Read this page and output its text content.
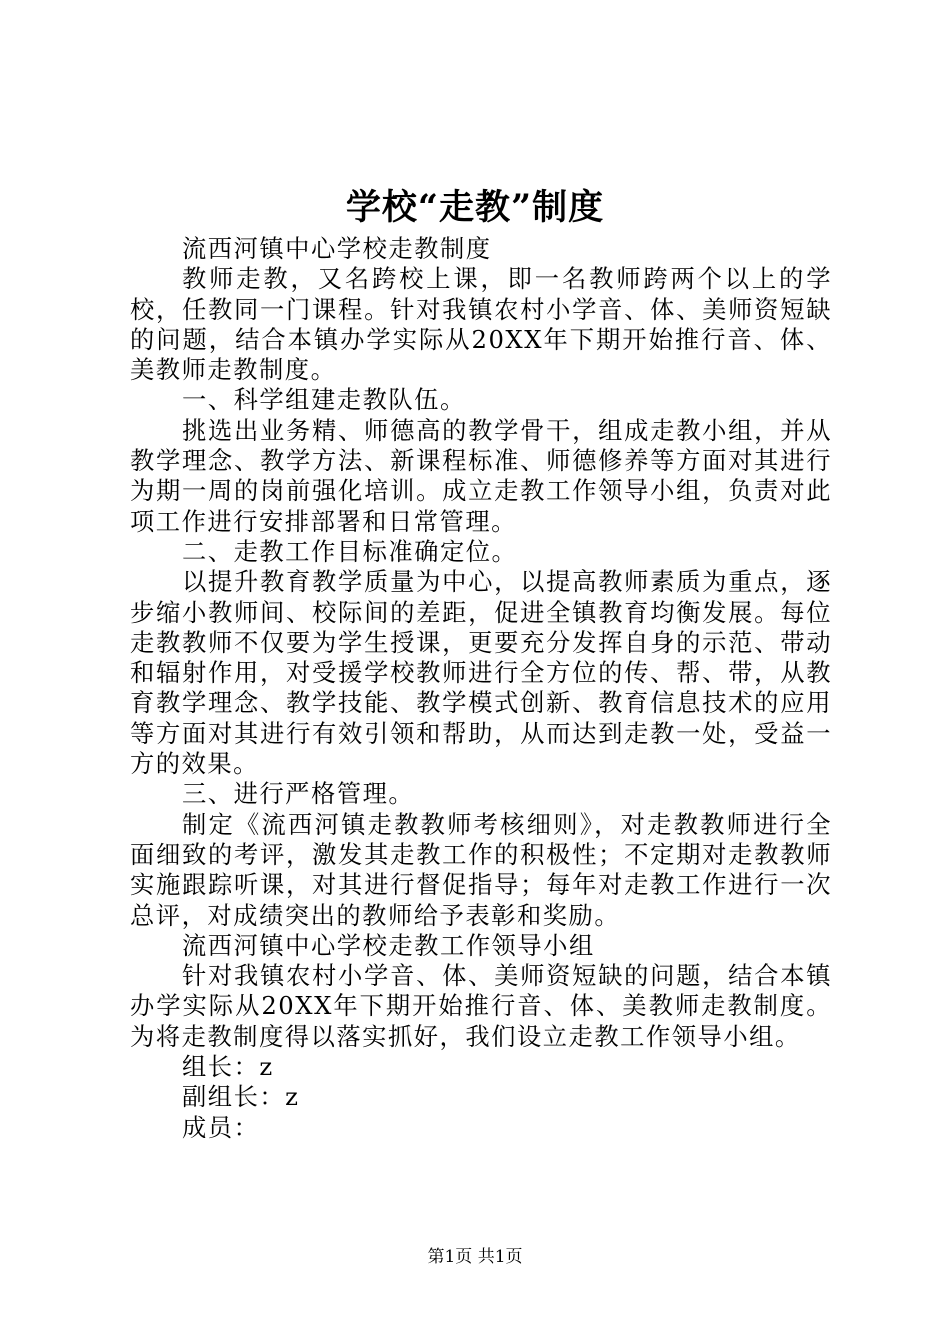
学校“走教”制度

流西河镇中心学校走教制度

教师走教，又名跨校上课，即一名教师跨两个以上的学校，任教同一门课程。针对我镇农村小学音、体、美师资短缺的问题，结合本镇办学实际从20XX年下期开始推行音、体、美教师走教制度。

一、科学组建走教队伍。

挑选出业务精、师德高的教学骨干，组成走教小组，并从教学理念、教学方法、新课程标准、师德修养等方面对其进行为期一周的岗前强化培训。成立走教工作领导小组，负责对此项工作进行安排部署和日常管理。

二、走教工作目标准确定位。

以提升教育教学质量为中心，以提高教师素质为重点，逐步缩小教师间、校际间的差距，促进全镇教育均衡发展。每位走教教师不仅要为学生授课，更要充分发挥自身的示范、带动和辐射作用，对受援学校教师进行全方位的传、帮、带，从教育教学理念、教学技能、教学模式创新、教育信息技术的应用等方面对其进行有效引领和帮助，从而达到走教一处，受益一方的效果。

三、进行严格管理。

制定《流西河镇走教教师考核细则》，对走教教师进行全面细致的考评，激发其走教工作的积极性；不定期对走教教师实施跟踪听课，对其进行督促指导；每年对走教工作进行一次总评，对成绩突出的教师给予表彰和奖励。

流西河镇中心学校走教工作领导小组

针对我镇农村小学音、体、美师资短缺的问题，结合本镇办学实际从20XX年下期开始推行音、体、美教师走教制度。为将走教制度得以落实抓好，我们设立走教工作领导小组。

组长：z

副组长：z

成员：

第1页 共1页
